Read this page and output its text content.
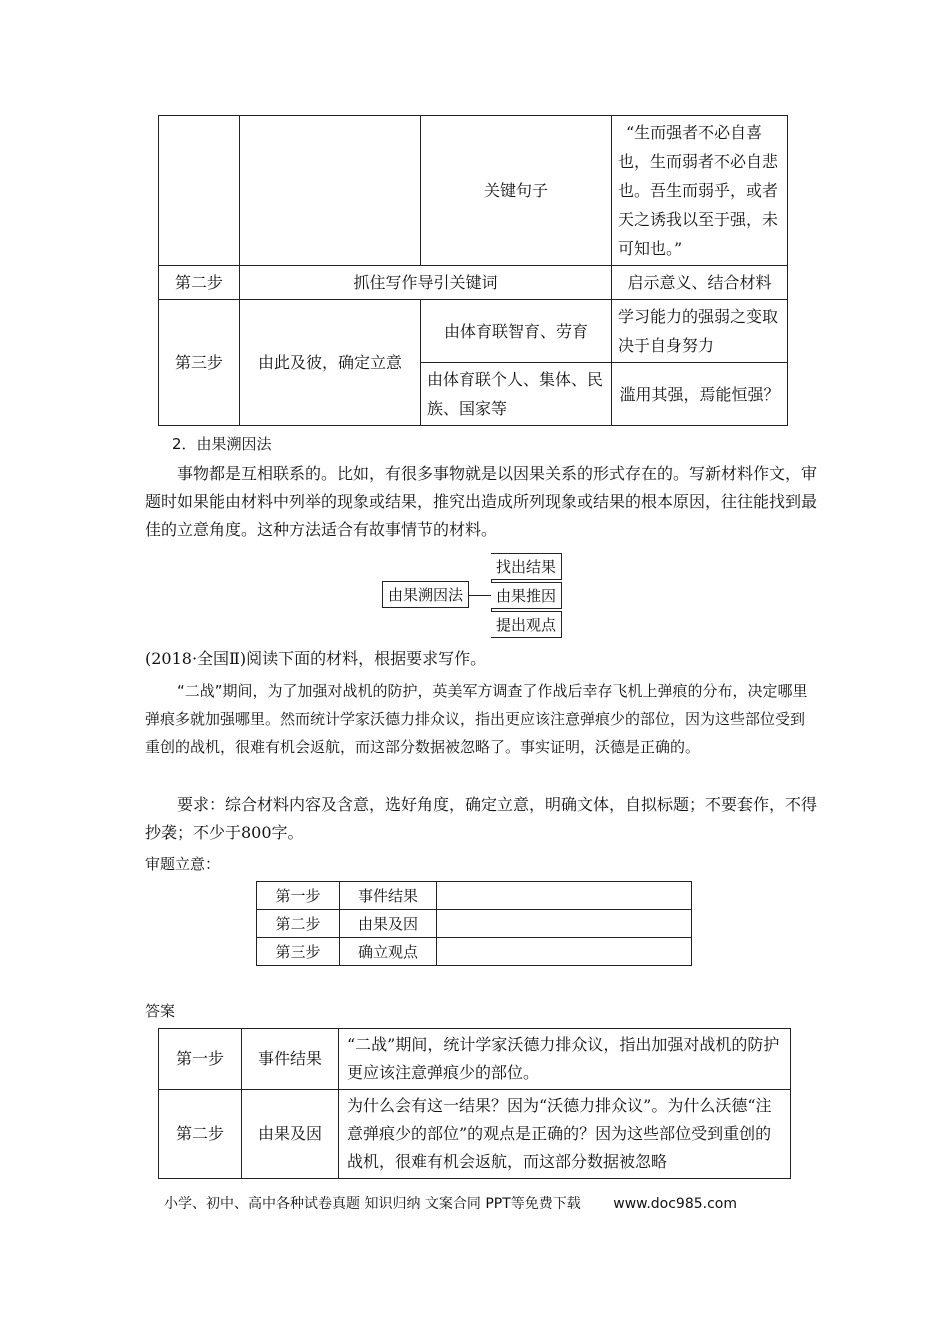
		关键句子	“生而强者不必自喜也，生而弱者不必自悲也。吾生而弱乎，或者天之诱我以至于强，未可知也。”
第二步	抓住写作导引关键词		启示意义、结合材料
第三步	由此及彼，确定立意	由体育联智育、劳育	学习能力的强弱之变取决于自身努力
		由体育联个人、集体、民族、国家等	滥用其强，焉能恒强？
2．由果溯因法

事物都是互相联系的。比如，有很多事物就是以因果关系的形式存在的。写新材料作文，审题时如果能由材料中列举的现象或结果，推究出造成所列现象或结果的根本原因，往往能找到最佳的立意角度。这种方法适合有故事情节的材料。

由果溯因法
找出结果
由果推因
提出观点

(2018·全国Ⅱ)阅读下面的材料，根据要求写作。

“二战”期间，为了加强对战机的防护，英美军方调查了作战后幸存飞机上弹痕的分布，决定哪里弹痕多就加强哪里。然而统计学家沃德力排众议，指出更应该注意弹痕少的部位，因为这些部位受到重创的战机，很难有机会返航，而这部分数据被忽略了。事实证明，沃德是正确的。

要求：综合材料内容及含意，选好角度，确定立意，明确文体，自拟标题；不要套作，不得抄袭；不少于800字。

审题立意：
第一步	事件结果	
第二步	由果及因	
第三步	确立观点	
答案
第一步	事件结果	“二战”期间，统计学家沃德力排众议，指出加强对战机的防护更应该注意弹痕少的部位。
第二步	由果及因	为什么会有这一结果？因为“沃德力排众议”。为什么沃德“注意弹痕少的部位”的观点是正确的？因为这些部位受到重创的战机，很难有机会返航，而这部分数据被忽略
小学、初中、高中各种试卷真题 知识归纳 文案合同 PPT等免费下载 www.doc985.com
